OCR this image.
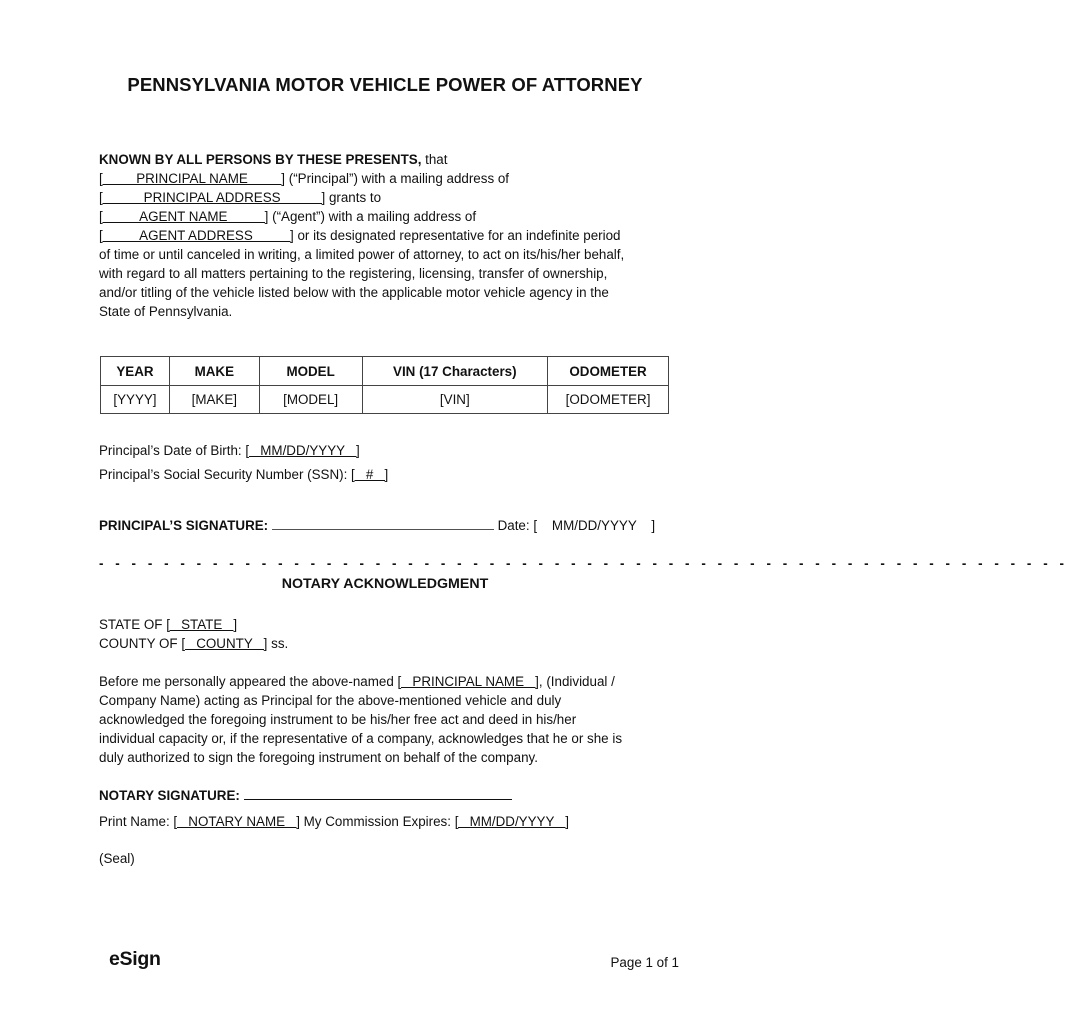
PENNSYLVANIA MOTOR VEHICLE POWER OF ATTORNEY
KNOWN BY ALL PERSONS BY THESE PRESENTS, that
[         PRINCIPAL NAME         ] (“Principal”) with a mailing address of
[           PRINCIPAL ADDRESS           ] grants to
[          AGENT NAME          ] (“Agent”) with a mailing address of
[          AGENT ADDRESS          ] or its designated representative for an indefinite period
of time or until canceled in writing, a limited power of attorney, to act on its/his/her behalf,
with regard to all matters pertaining to the registering, licensing, transfer of ownership,
and/or titling of the vehicle listed below with the applicable motor vehicle agency in the
State of Pennsylvania.
YEAR	MAKE	MODEL	VIN (17 Characters)	ODOMETER
[YYYY]	[MAKE]	[MODEL]	[VIN]	[ODOMETER]
Principal’s Date of Birth: [   MM/DD/YYYY   ]
Principal’s Social Security Number (SSN): [   #   ]
PRINCIPAL’S SIGNATURE:	Date: [    MM/DD/YYYY    ]
- - - - - - - - - - - - - - - - - - - - - - - - - - - - - - - - - - - - - - - - - - - - - - - - - - - - - - - - - - - -
NOTARY ACKNOWLEDGMENT
STATE OF [   STATE   ]
COUNTY OF [   COUNTY   ] ss.
Before me personally appeared the above-named [   PRINCIPAL NAME   ], (Individual /
Company Name) acting as Principal for the above-mentioned vehicle and duly
acknowledged the foregoing instrument to be his/her free act and deed in his/her
individual capacity or, if the representative of a company, acknowledges that he or she is
duly authorized to sign the foregoing instrument on behalf of the company.
NOTARY SIGNATURE:
Print Name: [   NOTARY NAME   ] My Commission Expires: [   MM/DD/YYYY   ]
(Seal)
eSign	Page 1 of 1
